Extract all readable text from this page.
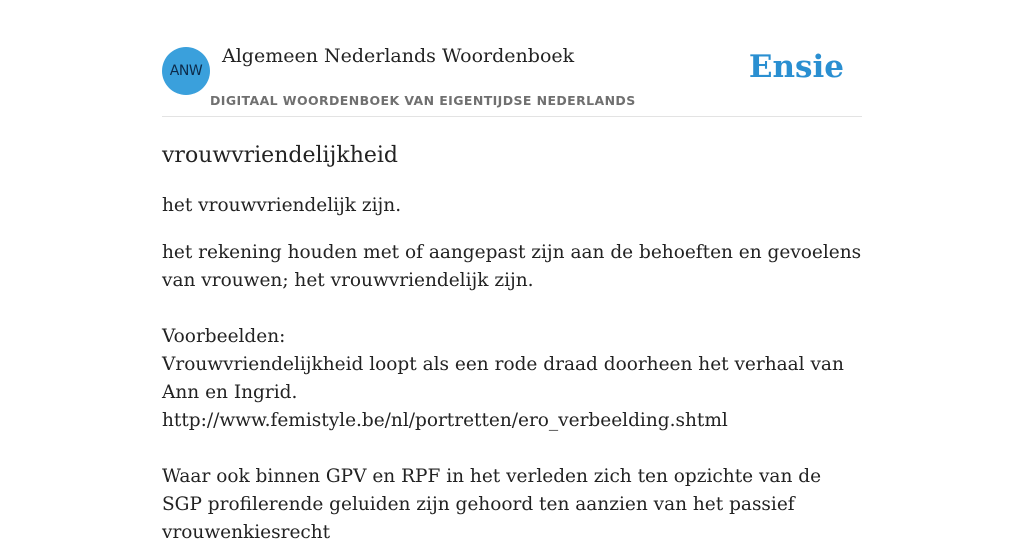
ANW
Algemeen Nederlands Woordenboek
DIGITAAL WOORDENBOEK VAN EIGENTIJDSE NEDERLANDS
Ensie
vrouwvriendelijkheid

het vrouwvriendelijk zijn.

het rekening houden met of aangepast zijn aan de behoeften en gevoelens van vrouwen; het vrouwvriendelijk zijn.

Voorbeelden:
Vrouwvriendelijkheid loopt als een rode draad doorheen het verhaal van Ann en Ingrid.
http://www.femistyle.be/nl/portretten/ero_verbeelding.shtml
Waar ook binnen GPV en RPF in het verleden zich ten opzichte van de SGP profilerende geluiden zijn gehoord ten aanzien van het passief vrouwenkiesrecht
